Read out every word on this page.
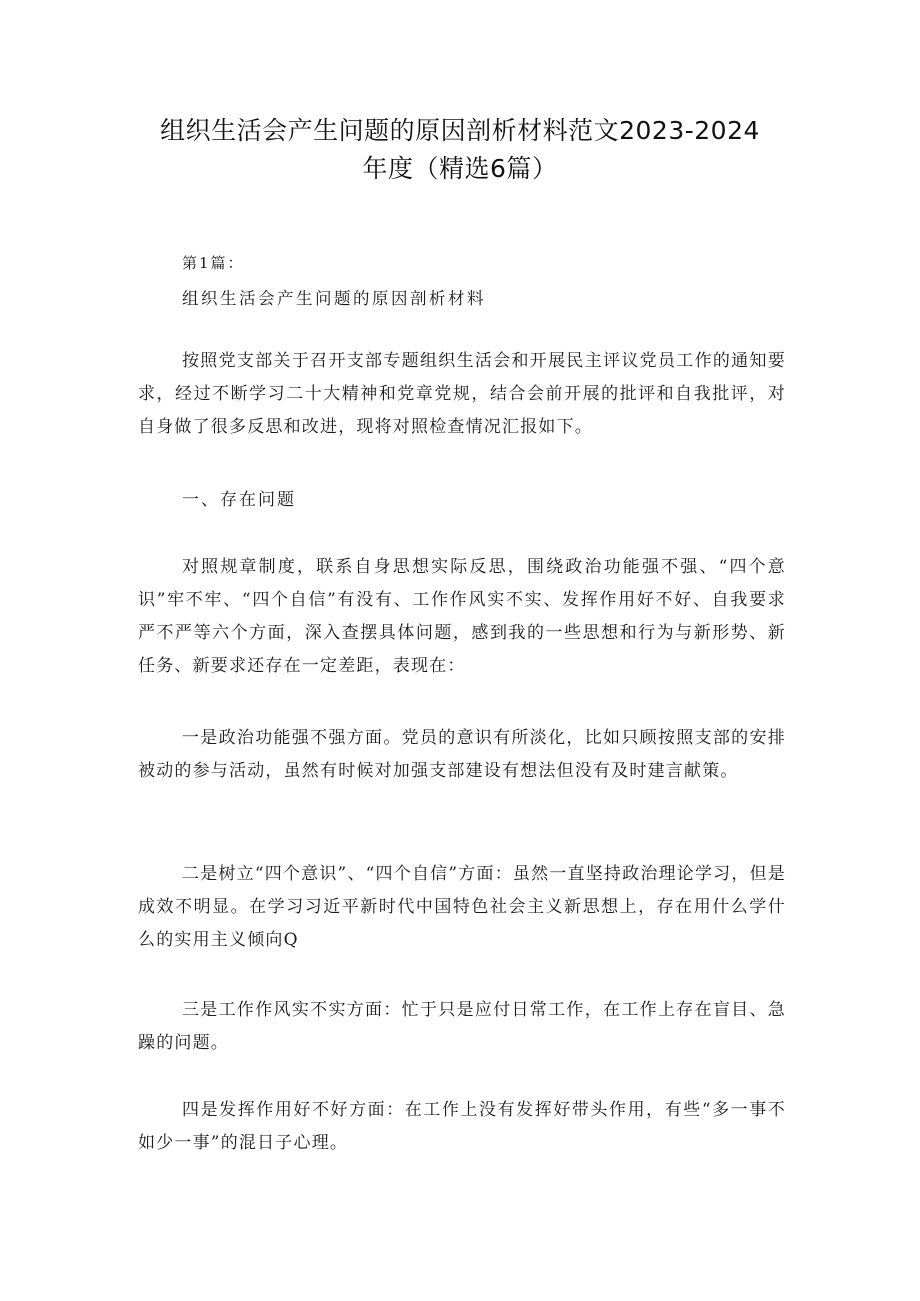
组织生活会产生问题的原因剖析材料范文2023-2024
年度（精选6篇）
第1篇：
组织生活会产生问题的原因剖析材料

按照党支部关于召开支部专题组织生活会和开展民主评议党员工作的通知要求，经过不断学习二十大精神和党章党规，结合会前开展的批评和自我批评，对自身做了很多反思和改进，现将对照检查情况汇报如下。

一、存在问题

对照规章制度，联系自身思想实际反思，围绕政治功能强不强、“四个意识”牢不牢、“四个自信”有没有、工作作风实不实、发挥作用好不好、自我要求严不严等六个方面，深入查摆具体问题，感到我的一些思想和行为与新形势、新任务、新要求还存在一定差距，表现在：

一是政治功能强不强方面。党员的意识有所淡化，比如只顾按照支部的安排被动的参与活动，虽然有时候对加强支部建设有想法但没有及时建言献策。

二是树立“四个意识”、“四个自信”方面：虽然一直坚持政治理论学习，但是成效不明显。在学习习近平新时代中国特色社会主义新思想上，存在用什么学什么的实用主义倾向Q

三是工作作风实不实方面：忙于只是应付日常工作，在工作上存在盲目、急躁的问题。

四是发挥作用好不好方面：在工作上没有发挥好带头作用，有些“多一事不如少一事”的混日子心理。
